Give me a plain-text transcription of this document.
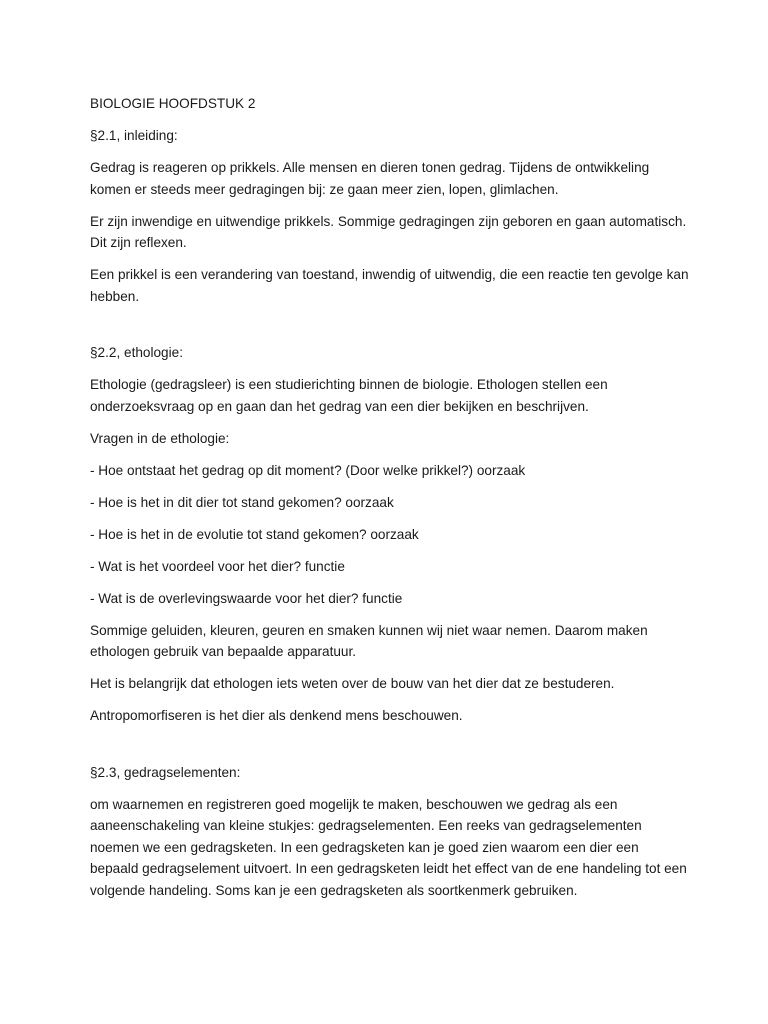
BIOLOGIE HOOFDSTUK 2

§2.1, inleiding:

Gedrag is reageren op prikkels. Alle mensen en dieren tonen gedrag. Tijdens de ontwikkeling komen er steeds meer gedragingen bij: ze gaan meer zien, lopen, glimlachen.

Er zijn inwendige en uitwendige prikkels. Sommige gedragingen zijn geboren en gaan automatisch. Dit zijn reflexen.

Een prikkel is een verandering van toestand, inwendig of uitwendig, die een reactie ten gevolge kan hebben.

§2.2, ethologie:

Ethologie (gedragsleer) is een studierichting binnen de biologie. Ethologen stellen een onderzoeksvraag op en gaan dan het gedrag van een dier bekijken en beschrijven.

Vragen in de ethologie:

- Hoe ontstaat het gedrag op dit moment? (Door welke prikkel?) oorzaak

- Hoe is het in dit dier tot stand gekomen? oorzaak

- Hoe is het in de evolutie tot stand gekomen? oorzaak

- Wat is het voordeel voor het dier? functie

- Wat is de overlevingswaarde voor het dier? functie

Sommige geluiden, kleuren, geuren en smaken kunnen wij niet waar nemen. Daarom maken ethologen gebruik van bepaalde apparatuur.

Het is belangrijk dat ethologen iets weten over de bouw van het dier dat ze bestuderen.

Antropomorfiseren is het dier als denkend mens beschouwen.

§2.3, gedragselementen:

om waarnemen en registreren goed mogelijk te maken, beschouwen we gedrag als een aaneenschakeling van kleine stukjes: gedragselementen. Een reeks van gedragselementen noemen we een gedragsketen. In een gedragsketen kan je goed zien waarom een dier een bepaald gedragselement uitvoert. In een gedragsketen leidt het effect van de ene handeling tot een volgende handeling. Soms kan je een gedragsketen als soortkenmerk gebruiken.
